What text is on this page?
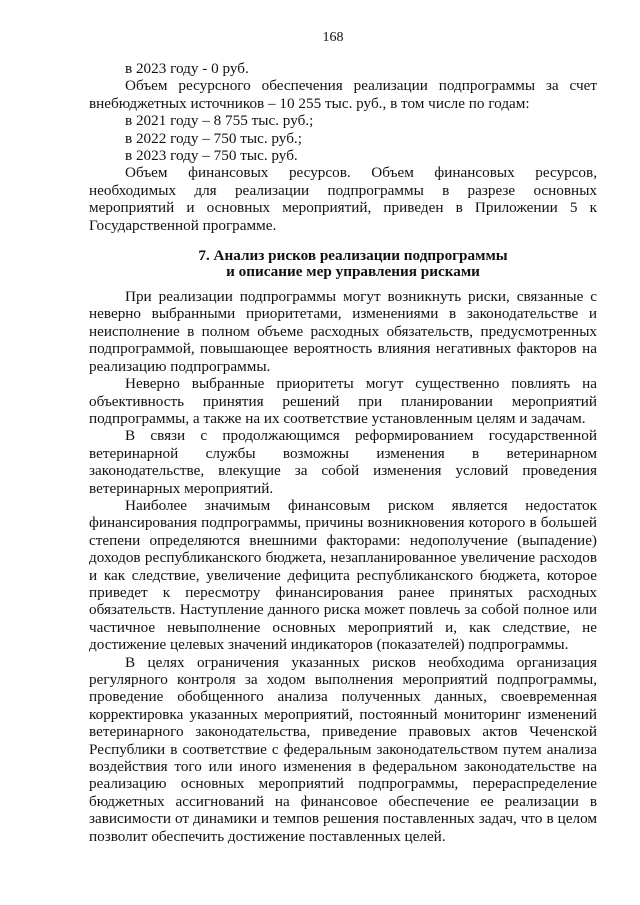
168

в 2023 году - 0 руб.

Объем ресурсного обеспечения реализации подпрограммы за счет внебюджетных источников – 10 255 тыс. руб., в том числе по годам:

в 2021 году – 8 755 тыс. руб.;

в 2022 году – 750 тыс. руб.;

в 2023 году – 750 тыс. руб.

Объем финансовых ресурсов. Объем финансовых ресурсов, необходимых для реализации подпрограммы в разрезе основных мероприятий и основных мероприятий, приведен в Приложении 5 к Государственной программе.

7. Анализ рисков реализации подпрограммы
и описание мер управления рисками

При реализации подпрограммы могут возникнуть риски, связанные с неверно выбранными приоритетами, изменениями в законодательстве и неисполнение в полном объеме расходных обязательств, предусмотренных подпрограммой, повышающее вероятность влияния негативных факторов на реализацию подпрограммы.

Неверно выбранные приоритеты могут существенно повлиять на объективность принятия решений при планировании мероприятий подпрограммы, а также на их соответствие установленным целям и задачам.

В связи с продолжающимся реформированием государственной ветеринарной службы возможны изменения в ветеринарном законодательстве, влекущие за собой изменения условий проведения ветеринарных мероприятий.

Наиболее значимым финансовым риском является недостаток финансирования подпрограммы, причины возникновения которого в большей степени определяются внешними факторами: недополучение (выпадение) доходов республиканского бюджета, незапланированное увеличение расходов и как следствие, увеличение дефицита республиканского бюджета, которое приведет к пересмотру финансирования ранее принятых расходных обязательств. Наступление данного риска может повлечь за собой полное или частичное невыполнение основных мероприятий и, как следствие, не достижение целевых значений индикаторов (показателей) подпрограммы.

В целях ограничения указанных рисков необходима организация регулярного контроля за ходом выполнения мероприятий подпрограммы, проведение обобщенного анализа полученных данных, своевременная корректировка указанных мероприятий, постоянный мониторинг изменений ветеринарного законодательства, приведение правовых актов Чеченской Республики в соответствие с федеральным законодательством путем анализа воздействия того или иного изменения в федеральном законодательстве на реализацию основных мероприятий подпрограммы, перераспределение бюджетных ассигнований на финансовое обеспечение ее реализации в зависимости от динамики и темпов решения поставленных задач, что в целом позволит обеспечить достижение поставленных целей.
